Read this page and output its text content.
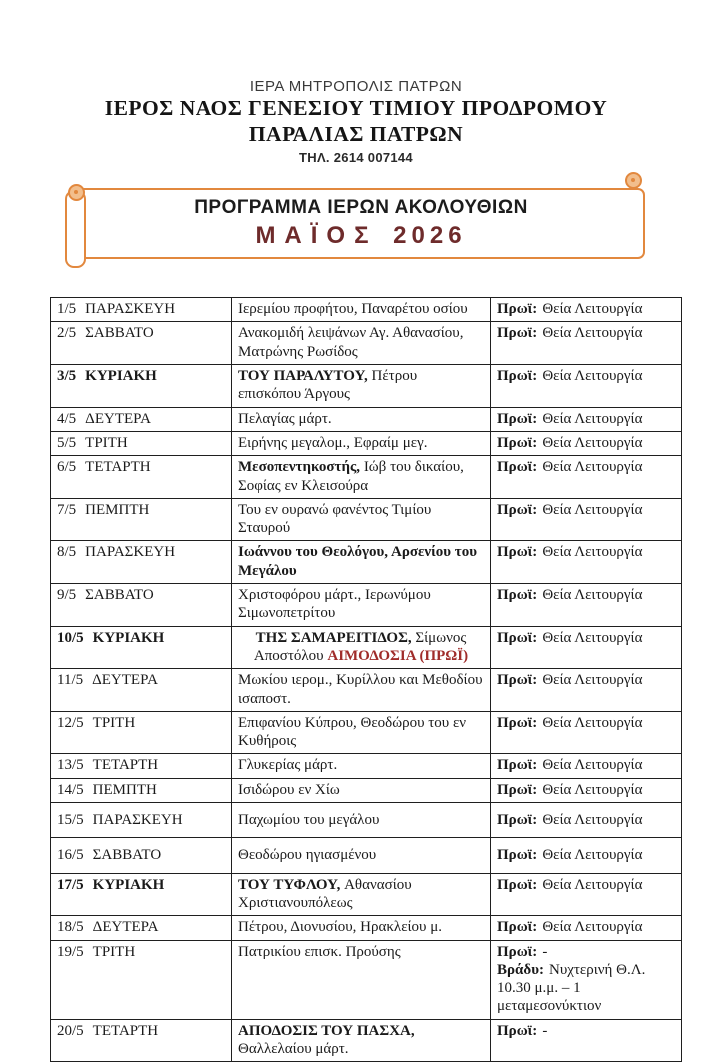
ΙΕΡΑ ΜΗΤΡΟΠΟΛΙΣ ΠΑΤΡΩΝ
ΙΕΡΟΣ ΝΑΟΣ ΓΕΝΕΣΙΟΥ ΤΙΜΙΟΥ ΠΡΟΔΡΟΜΟΥ
ΠΑΡΑΛΙΑΣ ΠΑΤΡΩΝ
ΤΗΛ. 2614 007144
ΠΡΟΓΡΑΜΜΑ ΙΕΡΩΝ ΑΚΟΛΟΥΘΙΩΝ
ΜΑΪΟΣ 2026
1/5 ΠΑΡΑΣΚΕΥΗ	Ιερεμίου προφήτου, Παναρέτου οσίου	Πρωϊ: Θεία Λειτουργία

2/5 ΣΑΒΒΑΤΟ	Ανακομιδή λειψάνων Αγ. Αθανασίου, Ματρώνης Ρωσίδος	Πρωϊ: Θεία Λειτουργία

3/5 ΚΥΡΙΑΚΗ	ΤΟΥ ΠΑΡΑΛΥΤΟΥ, Πέτρου επισκόπου Άργους	Πρωϊ: Θεία Λειτουργία

4/5 ΔΕΥΤΕΡΑ	Πελαγίας μάρτ.	Πρωϊ: Θεία Λειτουργία

5/5 ΤΡΙΤΗ	Ειρήνης μεγαλομ., Εφραίμ μεγ.	Πρωϊ: Θεία Λειτουργία

6/5 ΤΕΤΑΡΤΗ	Μεσοπεντηκοστής, Ιώβ του δικαίου, Σοφίας εν Κλεισούρα	Πρωϊ: Θεία Λειτουργία

7/5 ΠΕΜΠΤΗ	Του εν ουρανώ φανέντος Τιμίου Σταυρού	Πρωϊ: Θεία Λειτουργία

8/5 ΠΑΡΑΣΚΕΥΗ	Ιωάννου του Θεολόγου, Αρσενίου του Μεγάλου	Πρωϊ: Θεία Λειτουργία

9/5 ΣΑΒΒΑΤΟ	Χριστοφόρου μάρτ., Ιερωνύμου Σιμωνοπετρίτου	Πρωϊ: Θεία Λειτουργία

10/5 ΚΥΡΙΑΚΗ	ΤΗΣ ΣΑΜΑΡΕΙΤΙΔΟΣ, Σίμωνος Αποστόλου ΑΙΜΟΔΟΣΙΑ (ΠΡΩΪ)	Πρωϊ: Θεία Λειτουργία

11/5 ΔΕΥΤΕΡΑ	Μωκίου ιερομ., Κυρίλλου και Μεθοδίου ισαποστ.	Πρωϊ: Θεία Λειτουργία

12/5 ΤΡΙΤΗ	Επιφανίου Κύπρου, Θεοδώρου του εν Κυθήροις	Πρωϊ: Θεία Λειτουργία

13/5 ΤΕΤΑΡΤΗ	Γλυκερίας μάρτ.	Πρωϊ: Θεία Λειτουργία

14/5 ΠΕΜΠΤΗ	Ισιδώρου εν Χίω	Πρωϊ: Θεία Λειτουργία

15/5 ΠΑΡΑΣΚΕΥΗ	Παχωμίου του μεγάλου	Πρωϊ: Θεία Λειτουργία

16/5 ΣΑΒΒΑΤΟ	Θεοδώρου ηγιασμένου	Πρωϊ: Θεία Λειτουργία

17/5 ΚΥΡΙΑΚΗ	ΤΟΥ ΤΥΦΛΟΥ, Αθανασίου Χριστιανουπόλεως	Πρωϊ: Θεία Λειτουργία

18/5 ΔΕΥΤΕΡΑ	Πέτρου, Διονυσίου, Ηρακλείου μ.	Πρωϊ: Θεία Λειτουργία

19/5 ΤΡΙΤΗ	Πατρικίου επισκ. Προύσης	Πρωϊ: -
Βράδυ: Νυχτερινή Θ.Λ. 10.30 μ.μ. – 1 μεταμεσονύκτιον

20/5 ΤΕΤΑΡΤΗ	ΑΠΟΔΟΣΙΣ ΤΟΥ ΠΑΣΧΑ, Θαλλελαίου μάρτ.	Πρωϊ: -
